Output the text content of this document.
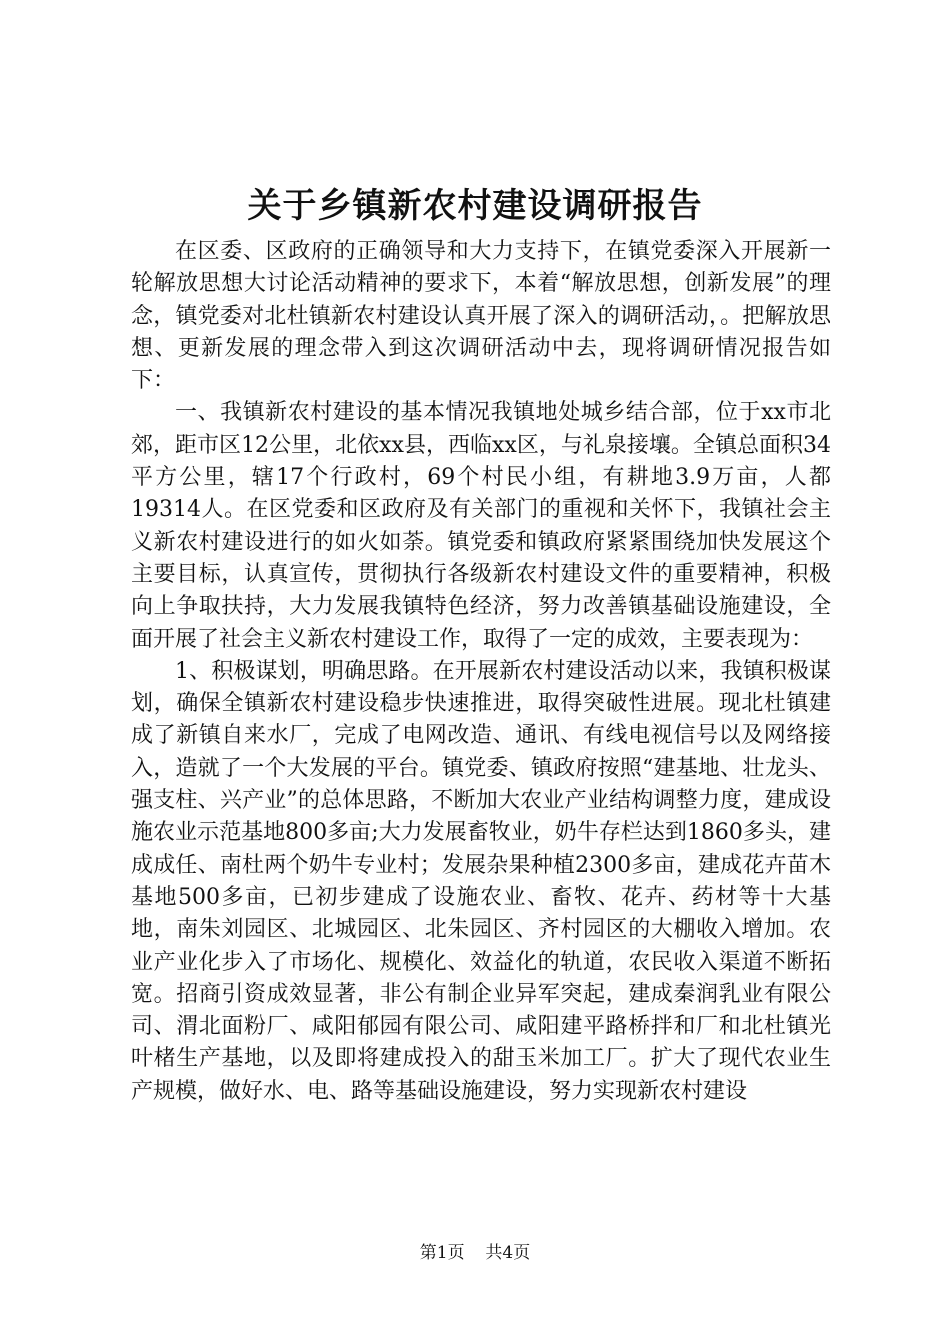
关于乡镇新农村建设调研报告

在区委、区政府的正确领导和大力支持下，在镇党委深入开展新一轮解放思想大讨论活动精神的要求下，本着“解放思想，创新发展”的理念，镇党委对北杜镇新农村建设认真开展了深入的调研活动，。把解放思想、更新发展的理念带入到这次调研活动中去，现将调研情况报告如下：

一、我镇新农村建设的基本情况我镇地处城乡结合部，位于xx市北郊，距市区12公里，北依xx县，西临xx区，与礼泉接壤。全镇总面积34平方公里，辖17个行政村，69个村民小组，有耕地3.9万亩，人都19314人。在区党委和区政府及有关部门的重视和关怀下，我镇社会主义新农村建设进行的如火如荼。镇党委和镇政府紧紧围绕加快发展这个主要目标，认真宣传，贯彻执行各级新农村建设文件的重要精神，积极向上争取扶持，大力发展我镇特色经济，努力改善镇基础设施建设，全面开展了社会主义新农村建设工作，取得了一定的成效，主要表现为：

1、积极谋划，明确思路。在开展新农村建设活动以来，我镇积极谋划，确保全镇新农村建设稳步快速推进，取得突破性进展。现北杜镇建成了新镇自来水厂，完成了电网改造、通讯、有线电视信号以及网络接入，造就了一个大发展的平台。镇党委、镇政府按照“建基地、壮龙头、强支柱、兴产业”的总体思路，不断加大农业产业结构调整力度，建成设施农业示范基地800多亩;大力发展畜牧业，奶牛存栏达到1860多头，建成成任、南杜两个奶牛专业村；发展杂果种植2300多亩，建成花卉苗木基地500多亩，已初步建成了设施农业、畜牧、花卉、药材等十大基地，南朱刘园区、北城园区、北朱园区、齐村园区的大棚收入增加。农业产业化步入了市场化、规模化、效益化的轨道，农民收入渠道不断拓宽。招商引资成效显著，非公有制企业异军突起，建成秦润乳业有限公司、渭北面粉厂、咸阳郁园有限公司、咸阳建平路桥拌和厂和北杜镇光叶楮生产基地，以及即将建成投入的甜玉米加工厂。扩大了现代农业生产规模，做好水、电、路等基础设施建设，努力实现新农村建设

第1页 共4页
